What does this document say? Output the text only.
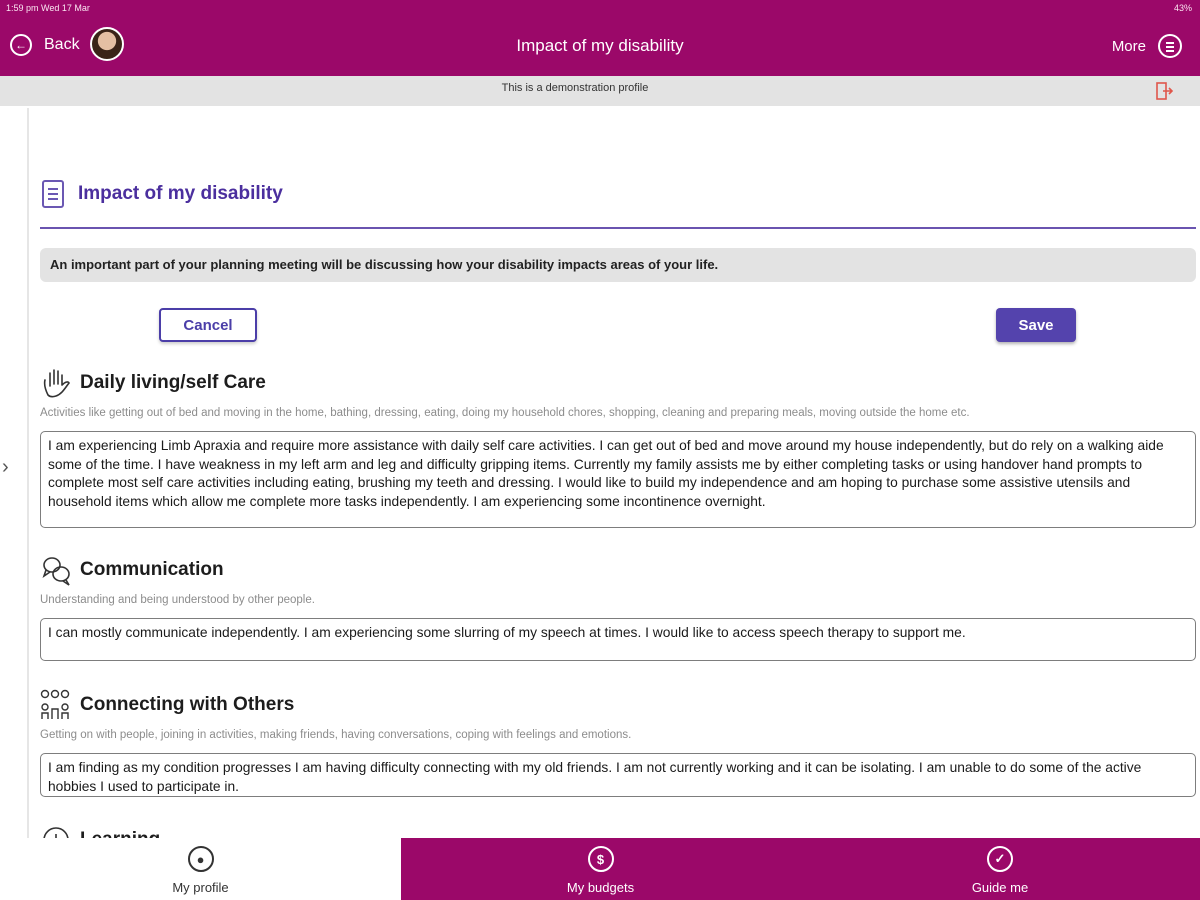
1:59 pm Wed 17 Mar	43%
←	Back	Impact of my disability	More
This is a demonstration profile
›
Impact of my disability
An important part of your planning meeting will be discussing how your disability impacts areas of your life.
Cancel	Save
Daily living/self Care
Activities like getting out of bed and moving in the home, bathing, dressing, eating, doing my household chores, shopping, cleaning and preparing meals, moving outside the home etc.
I am experiencing Limb Apraxia and require more assistance with daily self care activities. I can get out of bed and move around my house independently, but do rely on a walking aide some of the time. I have weakness in my left arm and leg and difficulty gripping items. Currently my family assists me by either completing tasks or using handover hand prompts to complete most self care activities including eating, brushing my teeth and dressing. I would like to build my independence and am hoping to purchase some assistive utensils and household items which allow me complete more tasks independently. I am experiencing some incontinence overnight.
Communication
Understanding and being understood by other people.
I can mostly communicate independently. I am experiencing some slurring of my speech at times. I would like to access speech therapy to support me.
Connecting with Others
Getting on with people, joining in activities, making friends, having conversations, coping with feelings and emotions.
I am finding as my condition progresses I am having difficulty connecting with my old friends. I am not currently working and it can be isolating. I am unable to do some of the active hobbies I used to participate in.
●
My profile
$
My budgets
✓
Guide me
